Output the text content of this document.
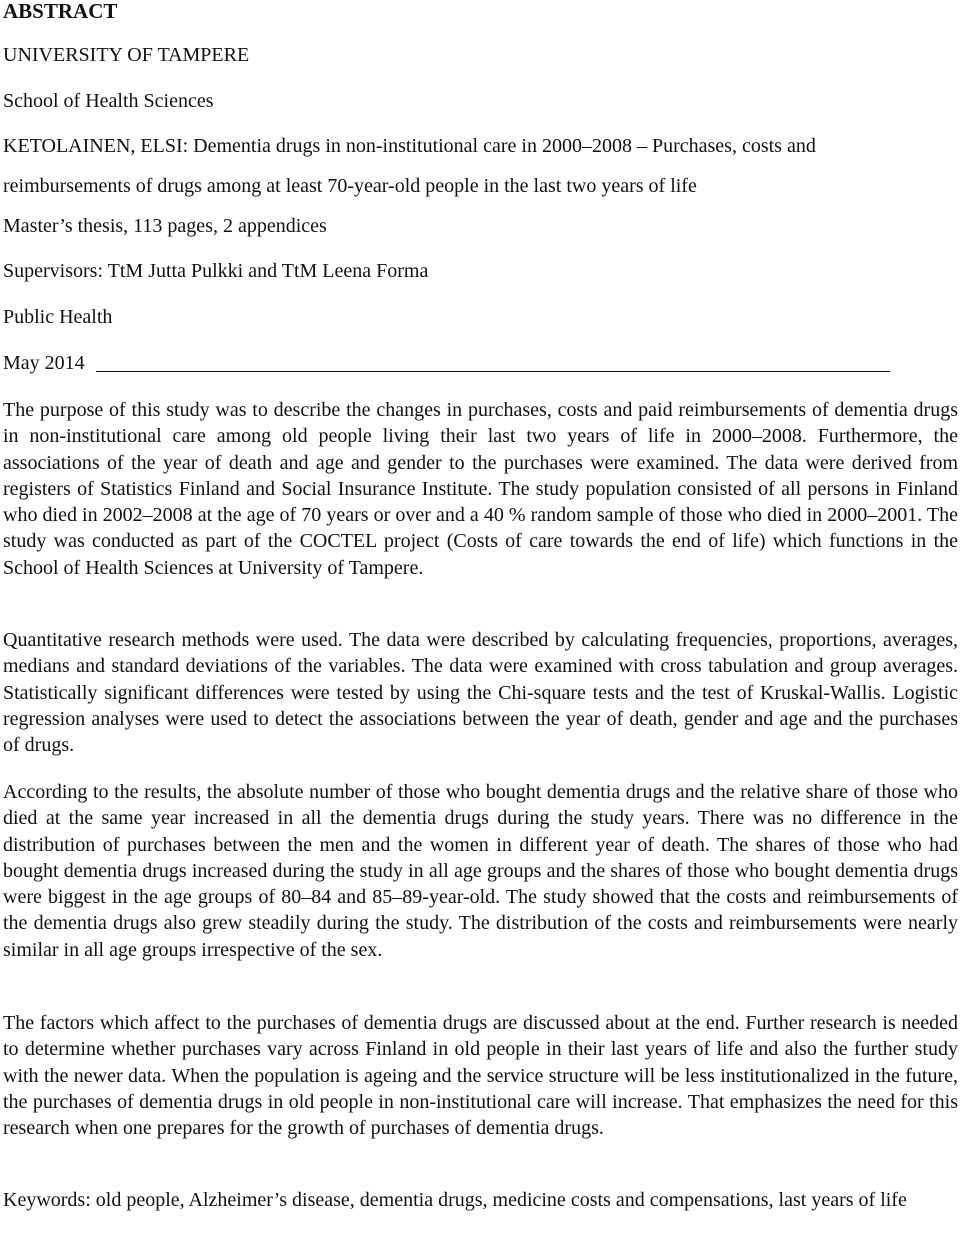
ABSTRACT

UNIVERSITY OF TAMPERE

School of Health Sciences

KETOLAINEN, ELSI: Dementia drugs in non-institutional care in 2000–2008 – Purchases, costs and

reimbursements of drugs among at least 70-year-old people in the last two years of life

Master’s thesis, 113 pages, 2 appendices

Supervisors: TtM Jutta Pulkki and TtM Leena Forma

Public Health

May 2014

The purpose of this study was to describe the changes in purchases, costs and paid reimbursements of dementia drugs in non-institutional care among old people living their last two years of life in 2000–2008. Furthermore, the associations of the year of death and age and gender to the purchases were examined. The data were derived from registers of Statistics Finland and Social Insurance Institute. The study population consisted of all persons in Finland who died in 2002–2008 at the age of 70 years or over and a 40 % random sample of those who died in 2000–2001. The study was conducted as part of the COCTEL project (Costs of care towards the end of life) which functions in the School of Health Sciences at University of Tampere.

Quantitative research methods were used. The data were described by calculating frequencies, proportions, averages, medians and standard deviations of the variables. The data were examined with cross tabulation and group averages. Statistically significant differences were tested by using the Chi-square tests and the test of Kruskal-Wallis. Logistic regression analyses were used to detect the associations between the year of death, gender and age and the purchases of drugs.

According to the results, the absolute number of those who bought dementia drugs and the relative share of those who died at the same year increased in all the dementia drugs during the study years. There was no difference in the distribution of purchases between the men and the women in different year of death. The shares of those who had bought dementia drugs increased during the study in all age groups and the shares of those who bought dementia drugs were biggest in the age groups of 80–84 and 85–89-year-old. The study showed that the costs and reimbursements of the dementia drugs also grew steadily during the study. The distribution of the costs and reimbursements were nearly similar in all age groups irrespective of the sex.

The factors which affect to the purchases of dementia drugs are discussed about at the end. Further research is needed to determine whether purchases vary across Finland in old people in their last years of life and also the further study with the newer data. When the population is ageing and the service structure will be less institutionalized in the future, the purchases of dementia drugs in old people in non-institutional care will increase. That emphasizes the need for this research when one prepares for the growth of purchases of dementia drugs.

Keywords: old people, Alzheimer’s disease, dementia drugs, medicine costs and compensations, last years of life
